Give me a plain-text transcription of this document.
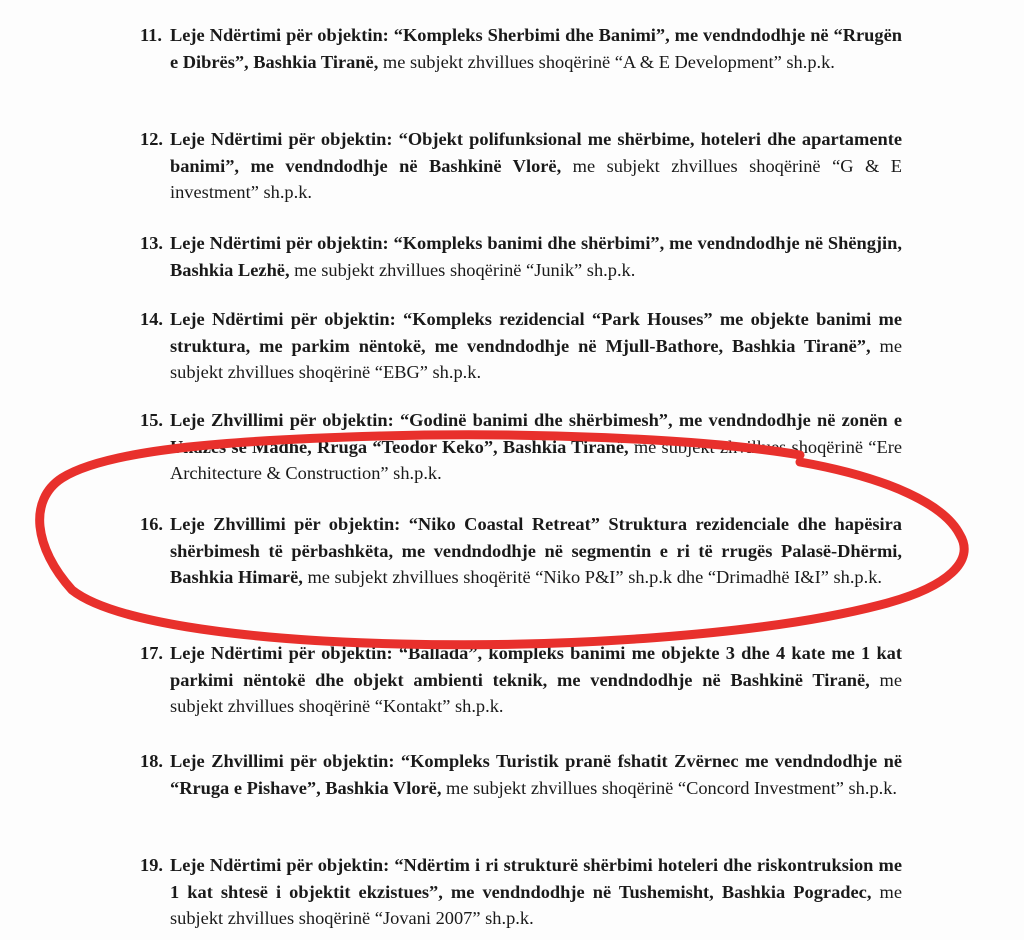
11. Leje Ndërtimi për objektin: “Kompleks Sherbimi dhe Banimi”, me vendndodhje në “Rrugën e Dibrës”, Bashkia Tiranë, me subjekt zhvillues shoqërinë “A & E Development” sh.p.k.
12. Leje Ndërtimi për objektin: “Objekt polifunksional me shërbime, hoteleri dhe apartamente banimi”, me vendndodhje në Bashkinë Vlorë, me subjekt zhvillues shoqërinë “G & E investment” sh.p.k.
13. Leje Ndërtimi për objektin: “Kompleks banimi dhe shërbimi”, me vendndodhje në Shëngjin, Bashkia Lezhë, me subjekt zhvillues shoqërinë “Junik” sh.p.k.
14. Leje Ndërtimi për objektin: “Kompleks rezidencial “Park Houses” me objekte banimi me struktura, me parkim nëntokë, me vendndodhje në Mjull-Bathore, Bashkia Tiranë”, me subjekt zhvillues shoqërinë “EBG” sh.p.k.
15. Leje Zhvillimi për objektin: “Godinë banimi dhe shërbimesh”, me vendndodhje në zonën e Unazës së Madhe, Rruga “Teodor Keko”, Bashkia Tiranë, me subjekt zhvillues shoqërinë “Ere Architecture & Construction” sh.p.k.
16. Leje Zhvillimi për objektin: “Niko Coastal Retreat” Struktura rezidenciale dhe hapësira shërbimesh të përbashkëta, me vendndodhje në segmentin e ri të rrugës Palasë-Dhërmi, Bashkia Himarë, me subjekt zhvillues shoqëritë “Niko P&I” sh.p.k dhe “Drimadhë I&I” sh.p.k.
17. Leje Ndërtimi për objektin: “Ballada”, kompleks banimi me objekte 3 dhe 4 kate me 1 kat parkimi nëntokë dhe objekt ambienti teknik, me vendndodhje në Bashkinë Tiranë, me subjekt zhvillues shoqërinë “Kontakt” sh.p.k.
18. Leje Zhvillimi për objektin: “Kompleks Turistik pranë fshatit Zvërnec me vendndodhje në “Rruga e Pishave”, Bashkia Vlorë, me subjekt zhvillues shoqërinë “Concord Investment” sh.p.k.
19. Leje Ndërtimi për objektin: “Ndërtim i ri strukturë shërbimi hoteleri dhe riskontruksion me 1 kat shtesë i objektit ekzistues”, me vendndodhje në Tushemisht, Bashkia Pogradec, me subjekt zhvillues shoqërinë “Jovani 2007” sh.p.k.
